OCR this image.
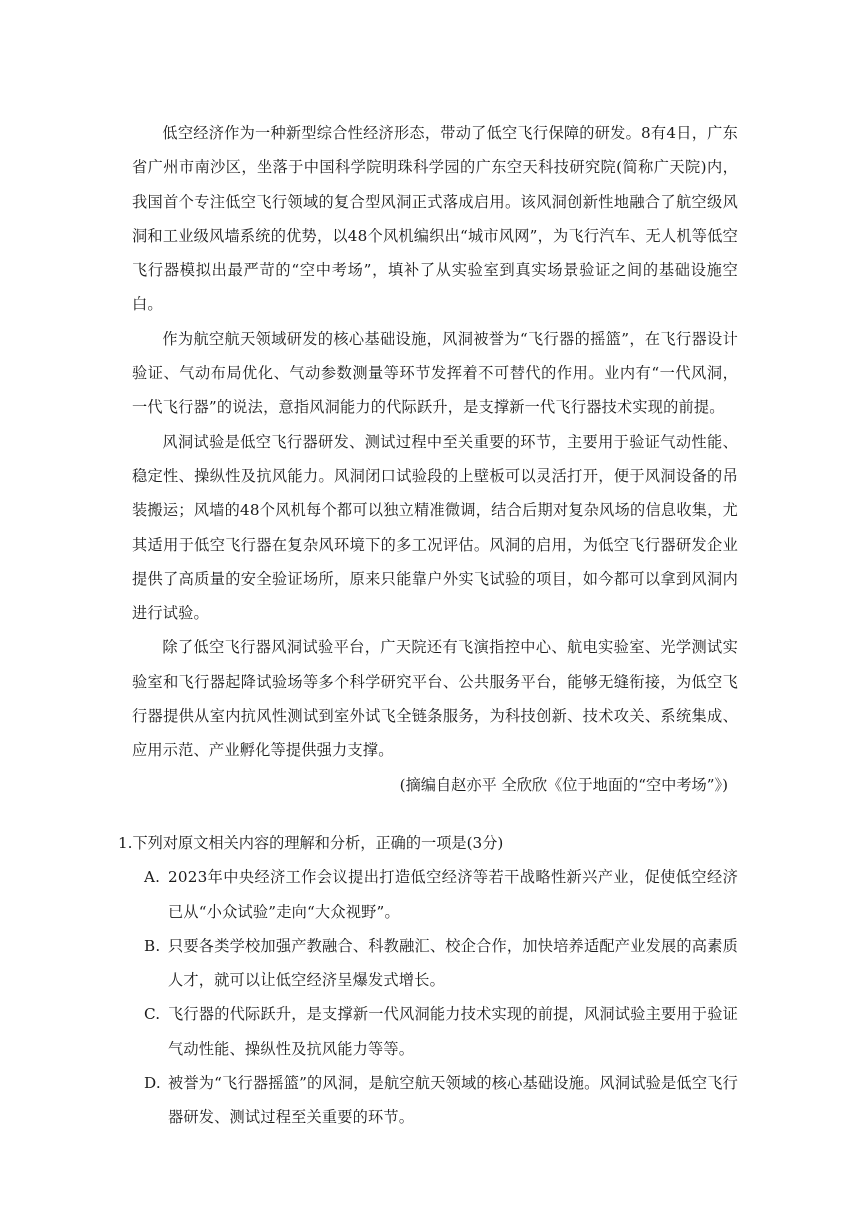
低空经济作为一种新型综合性经济形态，带动了低空飞行保障的研发。8有4日，广东省广州市南沙区，坐落于中国科学院明珠科学园的广东空天科技研究院(简称广天院)内，我国首个专注低空飞行领域的复合型风洞正式落成启用。该风洞创新性地融合了航空级风洞和工业级风墙系统的优势，以48个风机编织出“城市风网”，为飞行汽车、无人机等低空飞行器模拟出最严苛的“空中考场”，填补了从实验室到真实场景验证之间的基础设施空白。

作为航空航天领域研发的核心基础设施，风洞被誉为“飞行器的摇篮”，在飞行器设计验证、气动布局优化、气动参数测量等环节发挥着不可替代的作用。业内有“一代风洞，一代飞行器”的说法，意指风洞能力的代际跃升，是支撑新一代飞行器技术实现的前提。

风洞试验是低空飞行器研发、测试过程中至关重要的环节，主要用于验证气动性能、稳定性、操纵性及抗风能力。风洞闭口试验段的上壁板可以灵活打开，便于风洞设备的吊装搬运；风墙的48个风机每个都可以独立精准微调，结合后期对复杂风场的信息收集，尤其适用于低空飞行器在复杂风环境下的多工况评估。风洞的启用，为低空飞行器研发企业提供了高质量的安全验证场所，原来只能靠户外实飞试验的项目，如今都可以拿到风洞内进行试验。

除了低空飞行器风洞试验平台，广天院还有飞演指控中心、航电实验室、光学测试实验室和飞行器起降试验场等多个科学研究平台、公共服务平台，能够无缝衔接，为低空飞行器提供从室内抗风性测试到室外试飞全链条服务，为科技创新、技术攻关、系统集成、应用示范、产业孵化等提供强力支撑。

(摘编自赵亦平 全欣欣《位于地面的“空中考场”》)

1.下列对原文相关内容的理解和分析，正确的一项是(3分)

A. 2023年中央经济工作会议提出打造低空经济等若干战略性新兴产业，促使低空经济已从“小众试验”走向“大众视野”。

B. 只要各类学校加强产教融合、科教融汇、校企合作，加快培养适配产业发展的高素质人才，就可以让低空经济呈爆发式增长。

C. 飞行器的代际跃升，是支撑新一代风洞能力技术实现的前提，风洞试验主要用于验证气动性能、操纵性及抗风能力等等。

D. 被誉为“飞行器摇篮”的风洞，是航空航天领域的核心基础设施。风洞试验是低空飞行器研发、测试过程至关重要的环节。
